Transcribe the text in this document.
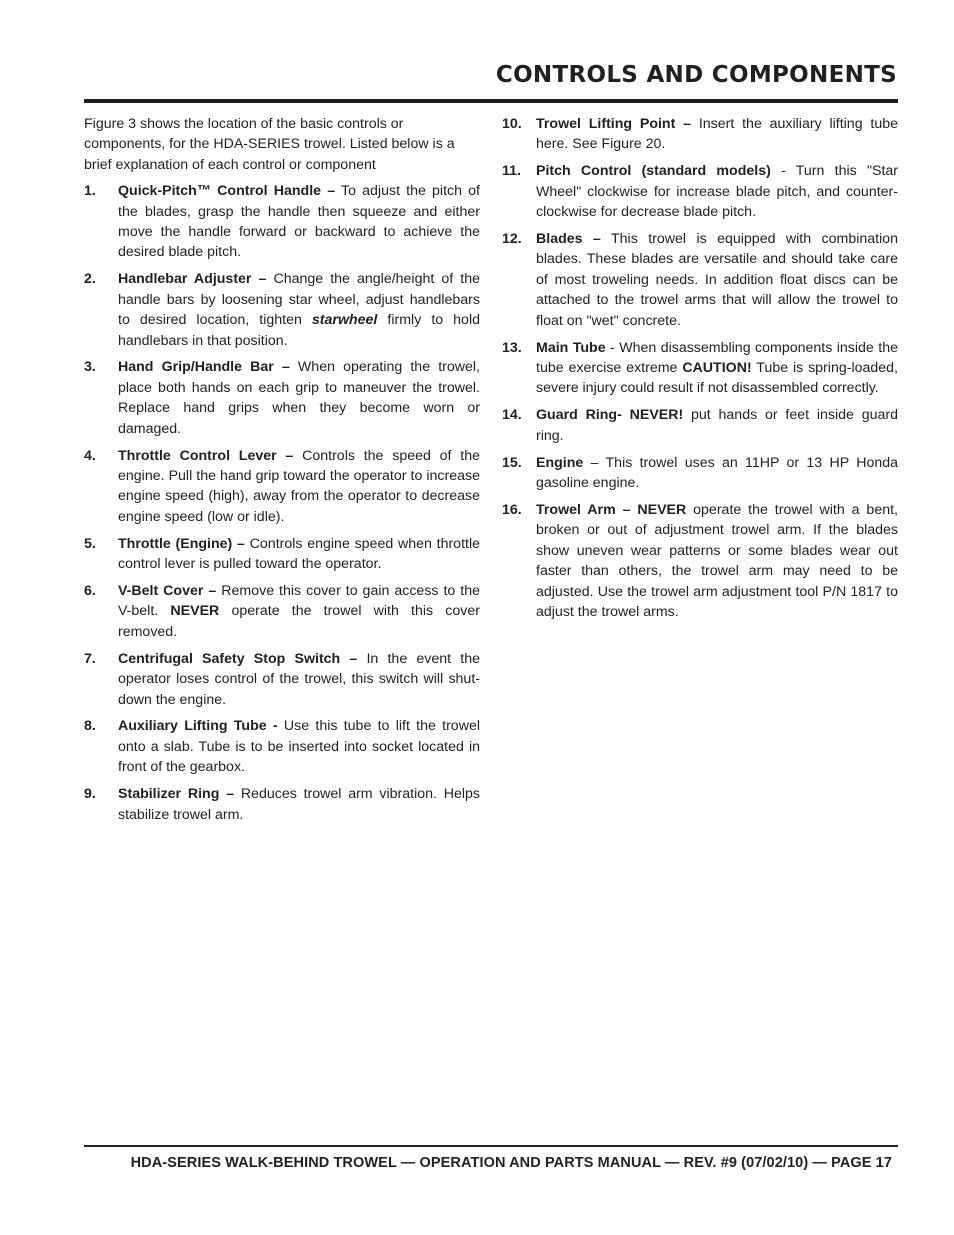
CONTROLS AND COMPONENTS

Figure 3 shows the location of the basic controls or components, for the HDA-SERIES trowel. Listed below is a brief explanation of each control or component

1.	Quick-Pitch™ Control Handle – To adjust the pitch of the blades, grasp the handle then squeeze and either move the handle forward or backward to achieve the desired blade pitch.
2.	Handlebar Adjuster – Change the angle/height of the handle bars by loosening star wheel, adjust handlebars to desired location, tighten starwheel firmly to hold handlebars in that position.
3.	Hand Grip/Handle Bar – When operating the trowel, place both hands on each grip to maneuver the trowel. Replace hand grips when they become worn or damaged.
4.	Throttle Control Lever – Controls the speed of the engine. Pull the hand grip toward the operator to increase engine speed (high), away from the operator to decrease engine speed (low or idle).
5.	Throttle (Engine) – Controls engine speed when throttle control lever is pulled toward the operator.
6.	V-Belt Cover – Remove this cover to gain access to the V-belt. NEVER operate the trowel with this cover removed.
7.	Centrifugal Safety Stop Switch – In the event the operator loses control of the trowel, this switch will shut-down the engine.
8.	Auxiliary Lifting Tube - Use this tube to lift the trowel onto a slab. Tube is to be inserted into socket located in front of the gearbox.
9.	Stabilizer Ring – Reduces trowel arm vibration. Helps stabilize trowel arm.
10.	Trowel Lifting Point – Insert the auxiliary lifting tube here. See Figure 20.
11.	Pitch Control (standard models) - Turn this "Star Wheel" clockwise for increase blade pitch, and counter-clockwise for decrease blade pitch.
12.	Blades – This trowel is equipped with combination blades. These blades are versatile and should take care of most troweling needs. In addition float discs can be attached to the trowel arms that will allow the trowel to float on "wet" concrete.
13.	Main Tube - When disassembling components inside the tube exercise extreme CAUTION! Tube is spring-loaded, severe injury could result if not disassembled correctly.
14.	Guard Ring- NEVER! put hands or feet inside guard ring.
15.	Engine – This trowel uses an 11HP or 13 HP Honda gasoline engine.
16.	Trowel Arm – NEVER operate the trowel with a bent, broken or out of adjustment trowel arm. If the blades show uneven wear patterns or some blades wear out faster than others, the trowel arm may need to be adjusted. Use the trowel arm adjustment tool P/N 1817 to adjust the trowel arms.
HDA-SERIES WALK-BEHIND TROWEL — OPERATION AND PARTS MANUAL — REV. #9 (07/02/10) — PAGE 17
